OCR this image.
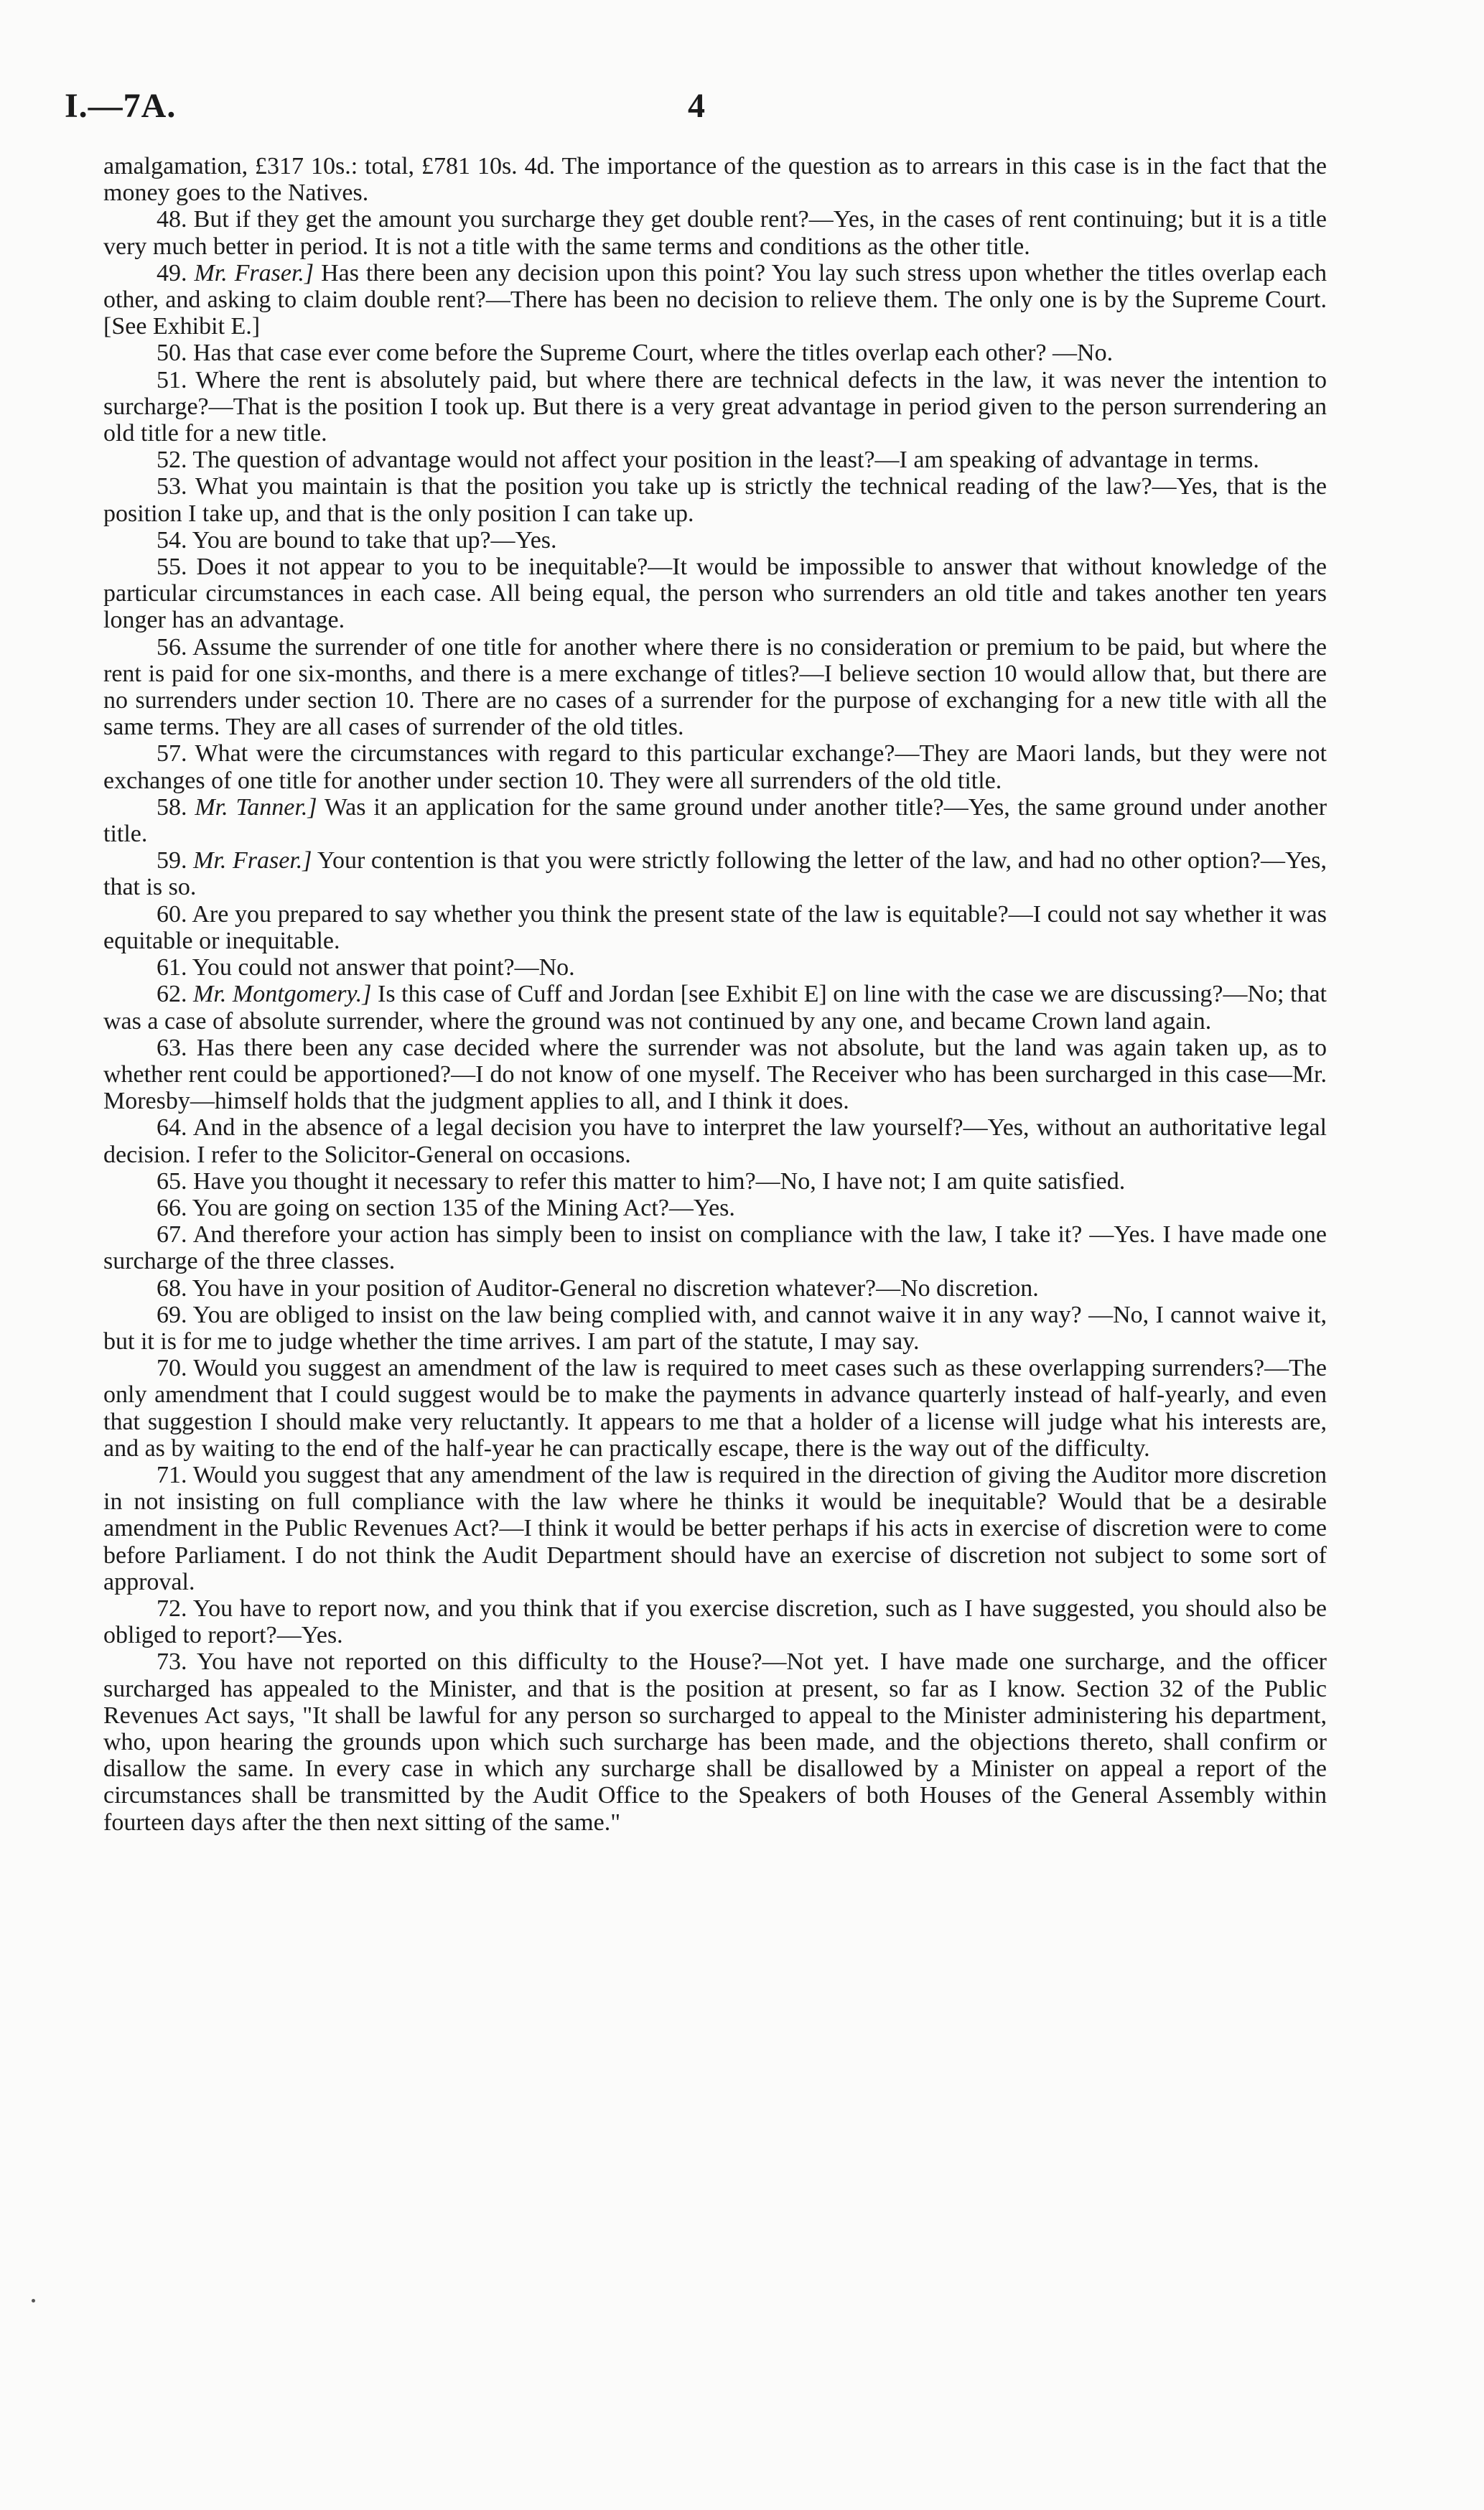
I.—7A.	4

amalgamation, £317 10s.: total, £781 10s. 4d. The importance of the question as to arrears in this case is in the fact that the money goes to the Natives.

48. But if they get the amount you surcharge they get double rent?—Yes, in the cases of rent continuing; but it is a title very much better in period. It is not a title with the same terms and conditions as the other title.

49. Mr. Fraser.] Has there been any decision upon this point? You lay such stress upon whether the titles overlap each other, and asking to claim double rent?—There has been no decision to relieve them. The only one is by the Supreme Court. [See Exhibit E.]

50. Has that case ever come before the Supreme Court, where the titles overlap each other? —No.

51. Where the rent is absolutely paid, but where there are technical defects in the law, it was never the intention to surcharge?—That is the position I took up. But there is a very great advantage in period given to the person surrendering an old title for a new title.

52. The question of advantage would not affect your position in the least?—I am speaking of advantage in terms.

53. What you maintain is that the position you take up is strictly the technical reading of the law?—Yes, that is the position I take up, and that is the only position I can take up.

54. You are bound to take that up?—Yes.

55. Does it not appear to you to be inequitable?—It would be impossible to answer that without knowledge of the particular circumstances in each case. All being equal, the person who surrenders an old title and takes another ten years longer has an advantage.

56. Assume the surrender of one title for another where there is no consideration or premium to be paid, but where the rent is paid for one six-months, and there is a mere exchange of titles?—I believe section 10 would allow that, but there are no surrenders under section 10. There are no cases of a surrender for the purpose of exchanging for a new title with all the same terms. They are all cases of surrender of the old titles.

57. What were the circumstances with regard to this particular exchange?—They are Maori lands, but they were not exchanges of one title for another under section 10. They were all surrenders of the old title.

58. Mr. Tanner.] Was it an application for the same ground under another title?—Yes, the same ground under another title.

59. Mr. Fraser.] Your contention is that you were strictly following the letter of the law, and had no other option?—Yes, that is so.

60. Are you prepared to say whether you think the present state of the law is equitable?—I could not say whether it was equitable or inequitable.

61. You could not answer that point?—No.

62. Mr. Montgomery.] Is this case of Cuff and Jordan [see Exhibit E] on line with the case we are discussing?—No; that was a case of absolute surrender, where the ground was not continued by any one, and became Crown land again.

63. Has there been any case decided where the surrender was not absolute, but the land was again taken up, as to whether rent could be apportioned?—I do not know of one myself. The Receiver who has been surcharged in this case—Mr. Moresby—himself holds that the judgment applies to all, and I think it does.

64. And in the absence of a legal decision you have to interpret the law yourself?—Yes, without an authoritative legal decision. I refer to the Solicitor-General on occasions.

65. Have you thought it necessary to refer this matter to him?—No, I have not; I am quite satisfied.

66. You are going on section 135 of the Mining Act?—Yes.

67. And therefore your action has simply been to insist on compliance with the law, I take it? —Yes. I have made one surcharge of the three classes.

68. You have in your position of Auditor-General no discretion whatever?—No discretion.

69. You are obliged to insist on the law being complied with, and cannot waive it in any way? —No, I cannot waive it, but it is for me to judge whether the time arrives. I am part of the statute, I may say.

70. Would you suggest an amendment of the law is required to meet cases such as these overlapping surrenders?—The only amendment that I could suggest would be to make the payments in advance quarterly instead of half-yearly, and even that suggestion I should make very reluctantly. It appears to me that a holder of a license will judge what his interests are, and as by waiting to the end of the half-year he can practically escape, there is the way out of the difficulty.

71. Would you suggest that any amendment of the law is required in the direction of giving the Auditor more discretion in not insisting on full compliance with the law where he thinks it would be inequitable? Would that be a desirable amendment in the Public Revenues Act?—I think it would be better perhaps if his acts in exercise of discretion were to come before Parliament. I do not think the Audit Department should have an exercise of discretion not subject to some sort of approval.

72. You have to report now, and you think that if you exercise discretion, such as I have suggested, you should also be obliged to report?—Yes.

73. You have not reported on this difficulty to the House?—Not yet. I have made one surcharge, and the officer surcharged has appealed to the Minister, and that is the position at present, so far as I know. Section 32 of the Public Revenues Act says, "It shall be lawful for any person so surcharged to appeal to the Minister administering his department, who, upon hearing the grounds upon which such surcharge has been made, and the objections thereto, shall confirm or disallow the same. In every case in which any surcharge shall be disallowed by a Minister on appeal a report of the circumstances shall be transmitted by the Audit Office to the Speakers of both Houses of the General Assembly within fourteen days after the then next sitting of the same."
